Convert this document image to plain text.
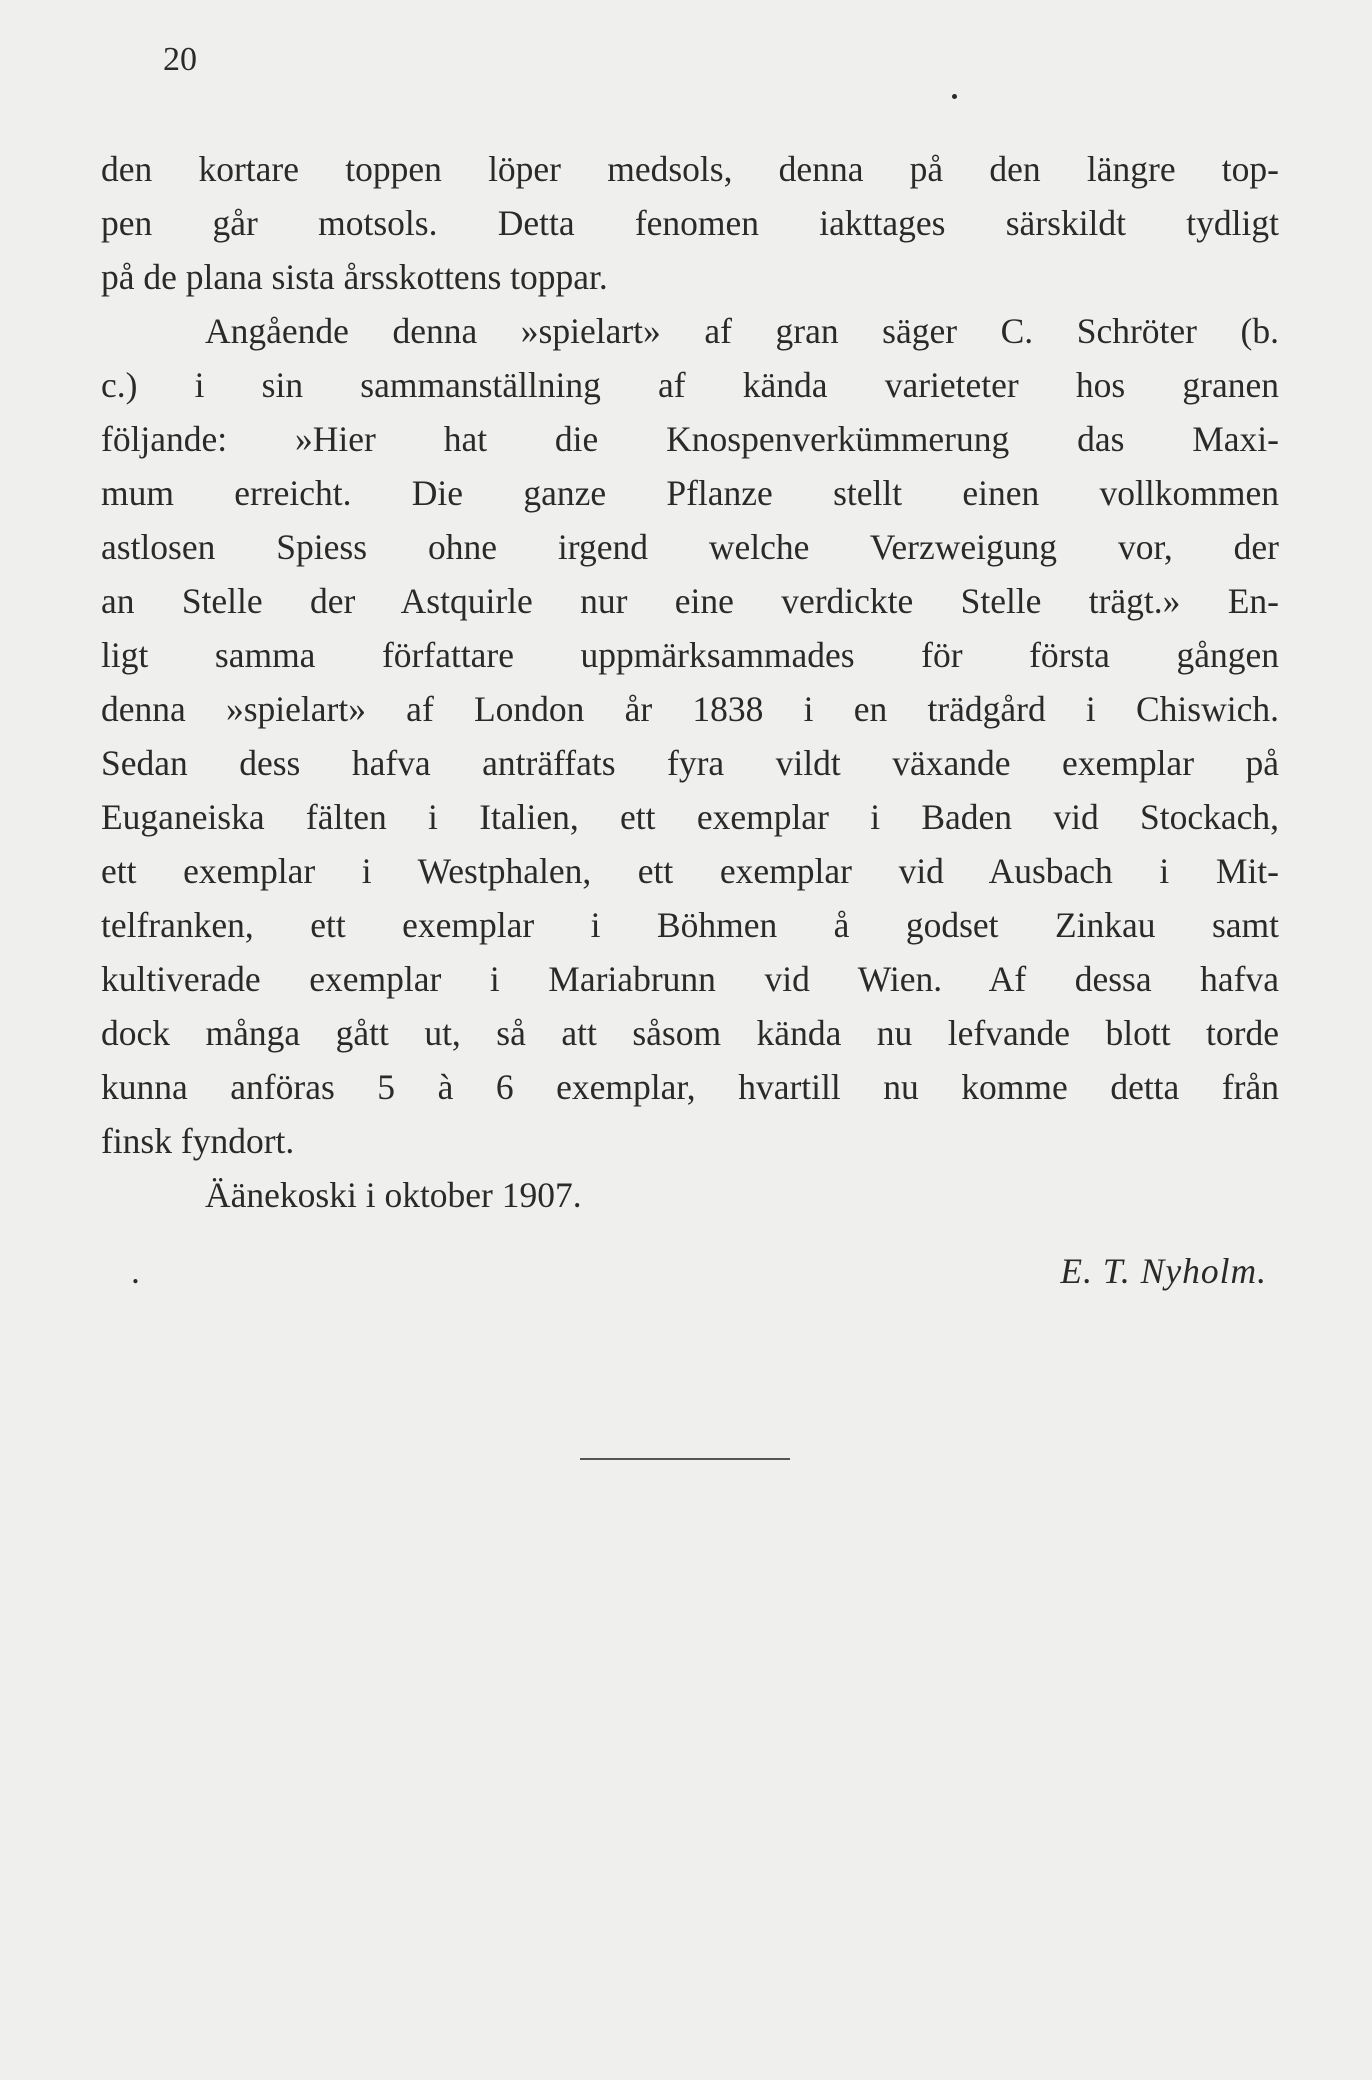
20
den kortare toppen löper medsols, denna på den längre top-
pen går motsols. Detta fenomen iakttages särskildt tydligt
på de plana sista årsskottens toppar.
Angående denna »spielart» af gran säger C. Schröter (b.
c.) i sin sammanställning af kända varieteter hos granen
följande: »Hier hat die Knospenverkümmerung das Maxi-
mum erreicht. Die ganze Pflanze stellt einen vollkommen
astlosen Spiess ohne irgend welche Verzweigung vor, der
an Stelle der Astquirle nur eine verdickte Stelle trägt.» En-
ligt samma författare uppmärksammades för första gången
denna »spielart» af London år 1838 i en trädgård i Chiswich.
Sedan dess hafva anträffats fyra vildt växande exemplar på
Euganeiska fälten i Italien, ett exemplar i Baden vid Stockach,
ett exemplar i Westphalen, ett exemplar vid Ausbach i Mit-
telfranken, ett exemplar i Böhmen å godset Zinkau samt
kultiverade exemplar i Mariabrunn vid Wien. Af dessa hafva
dock många gått ut, så att såsom kända nu lefvande blott torde
kunna anföras 5 à 6 exemplar, hvartill nu komme detta från
finsk fyndort.
Äänekoski i oktober 1907.
.	E. T. Nyholm.
